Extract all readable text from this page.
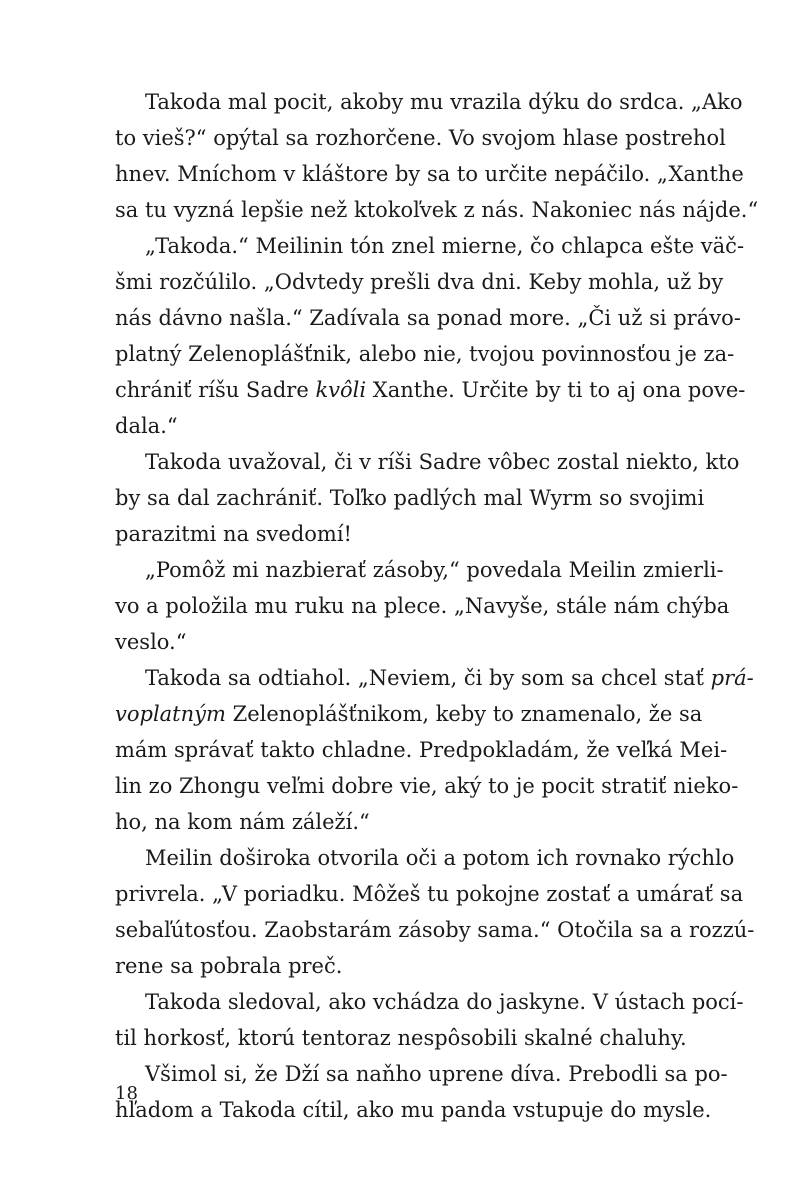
Takoda mal pocit, akoby mu vrazila dýku do srdca. „Ako
to vieš?“ opýtal sa rozhorčene. Vo svojom hlase postrehol
hnev. Mníchom v kláštore by sa to určite nepáčilo. „Xanthe
sa tu vyzná lepšie než ktokoľvek z nás. Nakoniec nás nájde.“
„Takoda.“ Meilinin tón znel mierne, čo chlapca ešte väč-
šmi rozčúlilo. „Odvtedy prešli dva dni. Keby mohla, už by
nás dávno našla.“ Zadívala sa ponad more. „Či už si právo-
platný Zelenoplášťnik, alebo nie, tvojou povinnosťou je za-
chrániť ríšu Sadre kvôli Xanthe. Určite by ti to aj ona pove-
dala.“
Takoda uvažoval, či v ríši Sadre vôbec zostal niekto, kto
by sa dal zachrániť. Toľko padlých mal Wyrm so svojimi
parazitmi na svedomí!
„Pomôž mi nazbierať zásoby,“ povedala Meilin zmierli-
vo a položila mu ruku na plece. „Navyše, stále nám chýba
veslo.“
Takoda sa odtiahol. „Neviem, či by som sa chcel stať prá-
voplatným Zelenoplášťnikom, keby to znamenalo, že sa
mám správať takto chladne. Predpokladám, že veľká Mei-
lin zo Zhongu veľmi dobre vie, aký to je pocit stratiť nieko-
ho, na kom nám záleží.“
Meilin doširoka otvorila oči a potom ich rovnako rýchlo
privrela. „V poriadku. Môžeš tu pokojne zostať a umárať sa
sebaľútosťou. Zaobstarám zásoby sama.“ Otočila sa a rozzú-
rene sa pobrala preč.
Takoda sledoval, ako vchádza do jaskyne. V ústach pocí-
til horkosť, ktorú tentoraz nespôsobili skalné chaluhy.
Všimol si, že Dží sa naňho uprene díva. Prebodli sa po-
hľadom a Takoda cítil, ako mu panda vstupuje do mysle.
18
